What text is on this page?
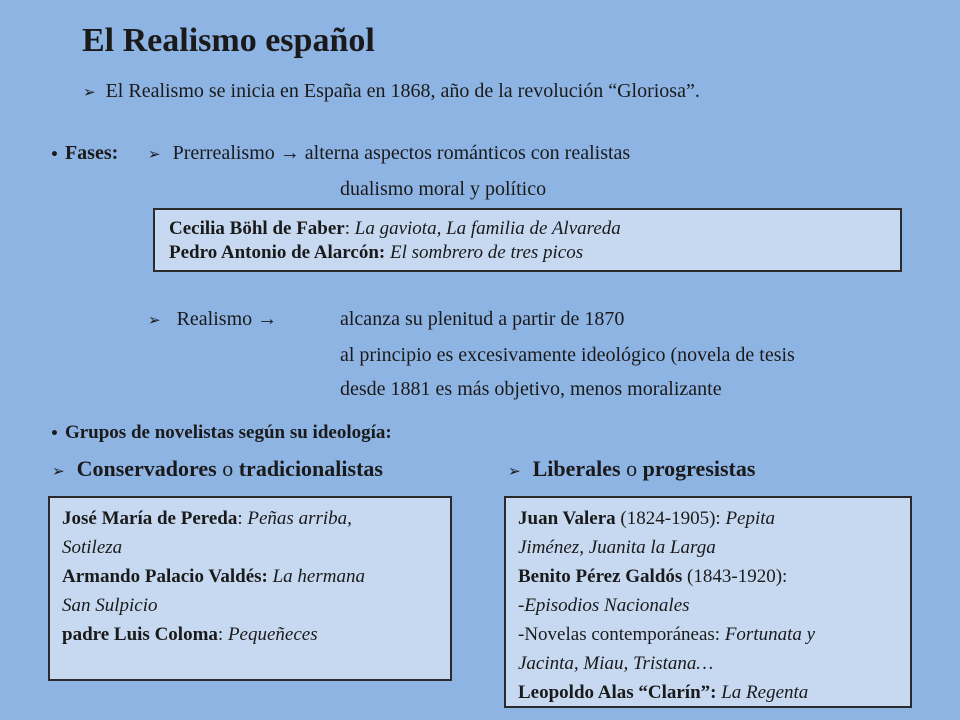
El Realismo español
➢ El Realismo se inicia en España en 1868, año de la revolución “Gloriosa”.
• Fases: ➢ Prerrealismo → alterna aspectos románticos con realistas
dualismo moral y político
Cecilia Böhl de Faber: La gaviota, La familia de Alvareda
Pedro Antonio de Alarcón: El sombrero de tres picos
➢ Realismo →	alcanza su plenitud a partir de 1870
al principio es excesivamente ideológico (novela de tesis
desde 1881 es más objetivo, menos moralizante
• Grupos de novelistas según su ideología:
➢ Conservadores o tradicionalistas	➢ Liberales o progresistas
José María de Pereda: Peñas arriba,
Sotileza
Armando Palacio Valdés: La hermana
San Sulpicio
padre Luis Coloma: Pequeñeces
Juan Valera (1824-1905): Pepita
Jiménez, Juanita la Larga
Benito Pérez Galdós (1843-1920):
-Episodios Nacionales
-Novelas contemporáneas: Fortunata y
Jacinta, Miau, Tristana…
Leopoldo Alas “Clarín”: La Regenta
